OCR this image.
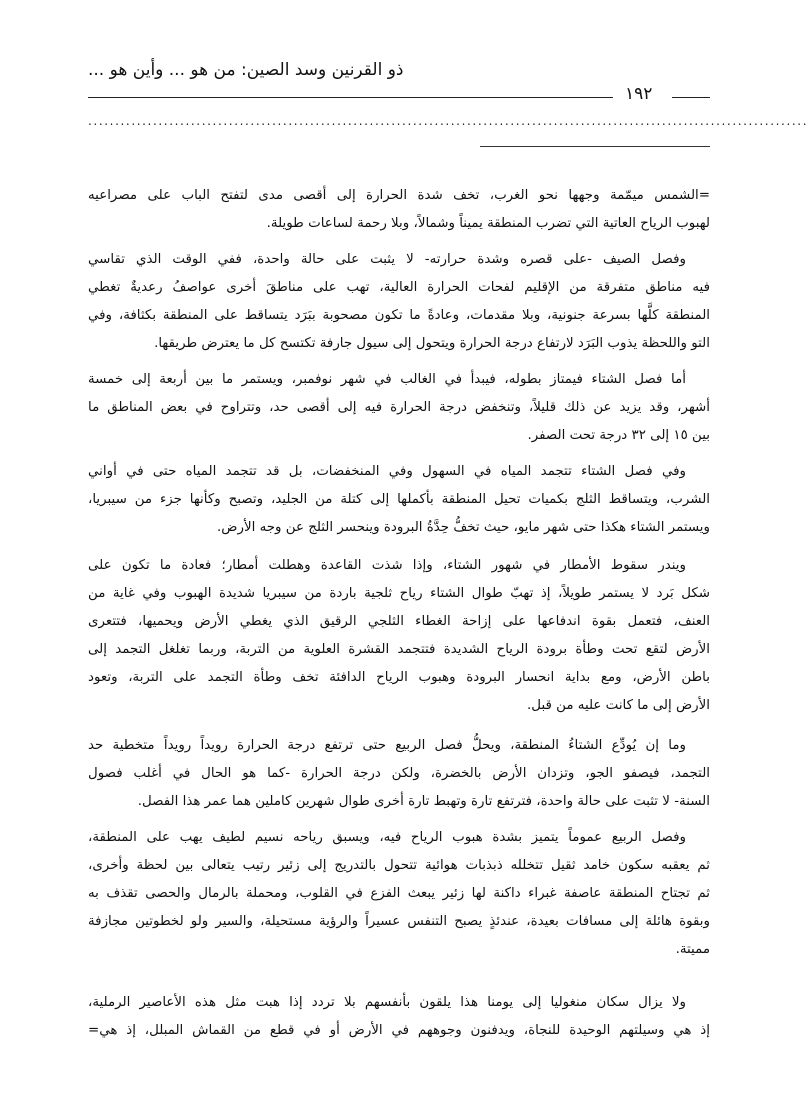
ذو القرنين وسد الصين: من هو ... وأين هو ...
١٩٢
.....................................................................................................................................
=الشمس ميمّمة وجهها نحو الغرب، تخف شدة الحرارة إلى أقصى مدى لتفتح الباب على مصراعيه
لهبوب الرياح العاتية التي تضرب المنطقة يميناً وشمالاً، وبلا رحمة لساعات طويلة.
وفصل الصيف -على قصره وشدة حرارته- لا يثبت على حالة واحدة، ففي الوقت الذي تقاسي
فيه مناطق متفرقة من الإقليم لفحات الحرارة العالية، تهب على مناطقَ أخرى عواصفُ رعديةٌ تغطي
المنطقة كلَّها بسرعة جنونية، وبلا مقدمات، وعادةً ما تكون مصحوبة ببَرَد يتساقط على المنطقة بكثافة، وفي
التو واللحظة يذوب البَرَد لارتفاع درجة الحرارة ويتحول إلى سيول جارفة تكتسح كل ما يعترض طريقها.
أما فصل الشتاء فيمتاز بطوله، فيبدأ في الغالب في شهر نوفمبر، ويستمر ما بين أربعة إلى خمسة
أشهر، وقد يزيد عن ذلك قليلاً، وتنخفض درجة الحرارة فيه إلى أقصى حد، وتتراوح في بعض المناطق ما
بين ١٥ إلى ٣٢ درجة تحت الصفر.
وفي فصل الشتاء تتجمد المياه في السهول وفي المنخفضات، بل قد تتجمد المياه حتى في أواني
الشرب، ويتساقط الثلج بكميات تحيل المنطقة بأكملها إلى كتلة من الجليد، وتصبح وكأنها جزء من سيبريا،
ويستمر الشتاء هكذا حتى شهر مايو، حيث تخفُّ حِدَّةُ البرودة وينحسر الثلج عن وجه الأرض.
ويندر سقوط الأمطار في شهور الشتاء، وإذا شذت القاعدة وهطلت أمطار؛ فعادة ما تكون على
شكل بَرد لا يستمر طويلاً، إذ تهبّ طوال الشتاء رياح ثلجية باردة من سيبريا شديدة الهبوب وفي غاية من
العنف، فتعمل بقوة اندفاعها على إزاحة الغطاء الثلجي الرقيق الذي يغطي الأرض ويحميها، فتتعرى
الأرض لتقع تحت وطأة برودة الرياح الشديدة فتتجمد القشرة العلوية من التربة، وربما تغلغل التجمد إلى
باطن الأرض، ومع بداية انحسار البرودة وهبوب الرياح الدافئة تخف وطأة التجمد على التربة، وتعود
الأرض إلى ما كانت عليه من قبل.
وما إن يُودِّع الشتاءُ المنطقة، ويحلُّ فصل الربيع حتى ترتفع درجة الحرارة رويداً رويداً متخطية حد
التجمد، فيصفو الجو، وتزدان الأرض بالخضرة، ولكن درجة الحرارة -كما هو الحال في أغلب فصول
السنة- لا تثبت على حالة واحدة، فترتفع تارة وتهبط تارة أخرى طوال شهرين كاملين هما عمر هذا الفصل.
وفصل الربيع عموماً يتميز بشدة هبوب الرياح فيه، ويسبق رياحه نسيم لطيف يهب على المنطقة،
ثم يعقبه سكون خامد ثقيل تتخلله ذبذبات هوائية تتحول بالتدريج إلى زئير رتيب يتعالى بين لحظة وأخرى،
ثم تجتاح المنطقة عاصفة غبراء داكنة لها زئير يبعث الفزع في القلوب، ومحملة بالرمال والحصى تقذف به
وبقوة هائلة إلى مسافات بعيدة، عندئذٍ يصبح التنفس عسيراً والرؤية مستحيلة، والسير ولو لخطوتين مجازفة
مميتة.
ولا يزال سكان منغوليا إلى يومنا هذا يلقون بأنفسهم بلا تردد إذا هبت مثل هذه الأعاصير الرملية،
إذ هي وسيلتهم الوحيدة للنجاة، ويدفنون وجوههم في الأرض أو في قطع من القماش المبلل، إذ هي=
